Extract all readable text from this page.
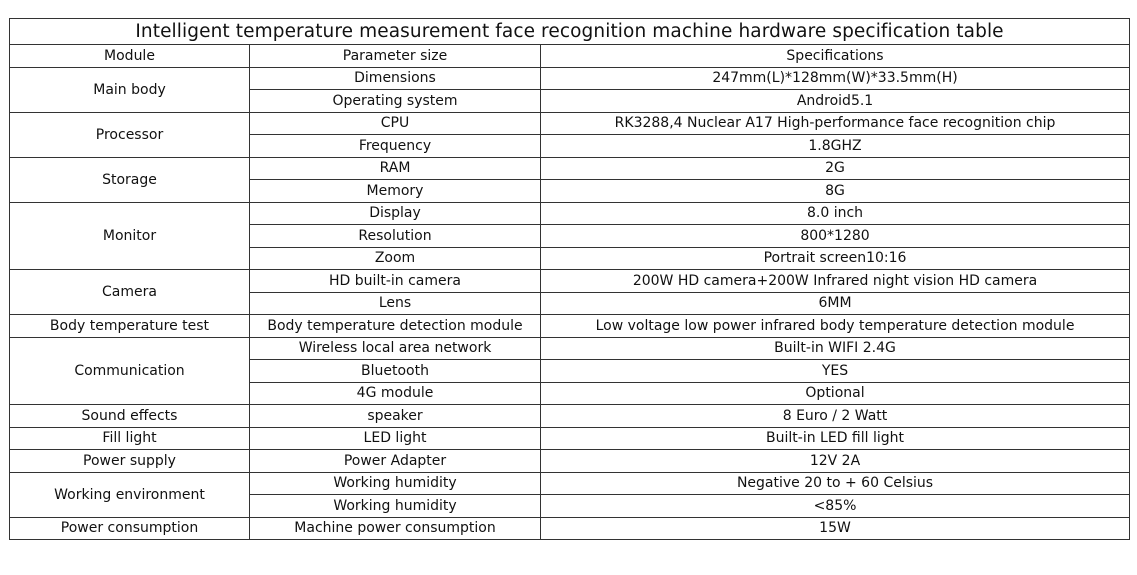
Intelligent temperature measurement face recognition machine hardware specification table		
Module	Parameter size	Specifications
Main body	Dimensions	247mm(L)*128mm(W)*33.5mm(H)
	Operating system	Android5.1
Processor	CPU	RK3288,4 Nuclear A17 High-performance face recognition chip
	Frequency	1.8GHZ
Storage	RAM	2G
	Memory	8G
Monitor	Display	8.0 inch
	Resolution	800*1280
	Zoom	Portrait screen10:16
Camera	HD built-in camera	200W HD camera+200W Infrared night vision HD camera
	Lens	6MM
Body temperature test	Body temperature detection module	Low voltage low power infrared body temperature detection module
Communication	Wireless local area network	Built-in WIFI 2.4G
	Bluetooth	YES
	4G module	Optional
Sound effects	speaker	8 Euro / 2 Watt
Fill light	LED light	Built-in LED fill light
Power supply	Power Adapter	12V 2A
Working environment	Working humidity	Negative 20 to + 60 Celsius
	Working humidity	<85%
Power consumption	Machine power consumption	15W
